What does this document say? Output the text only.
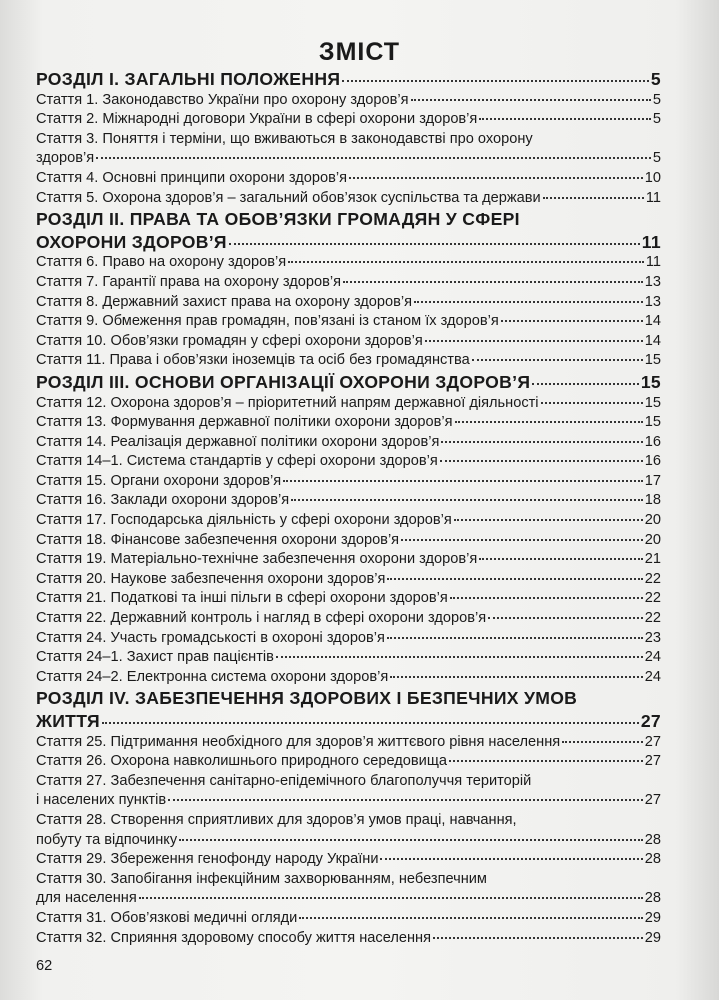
ЗМІСТ
РОЗДІЛ І. ЗАГАЛЬНІ ПОЛОЖЕННЯ	5
Стаття 1. Законодавство України про охорону здоров’я	5
Стаття 2. Міжнародні договори України в сфері охорони здоров’я	5
Стаття 3. Поняття і терміни, що вживаються в законодавстві про охорону
здоров’я	5
Стаття 4. Основні принципи охорони здоров’я	10
Стаття 5. Охорона здоров’я – загальний обов’язок суспільства та держави	11
РОЗДІЛ ІІ. ПРАВА ТА ОБОВ’ЯЗКИ ГРОМАДЯН У СФЕРІ
ОХОРОНИ ЗДОРОВ’Я	11
Стаття 6. Право на охорону здоров’я	11
Стаття 7. Гарантії права на охорону здоров’я	13
Стаття 8. Державний захист права на охорону здоров’я	13
Стаття 9. Обмеження прав громадян, пов’язані із станом їх здоров’я	14
Стаття 10. Обов’язки громадян у сфері охорони здоров’я	14
Стаття 11. Права і обов’язки іноземців та осіб без громадянства	15
РОЗДІЛ ІІІ. ОСНОВИ ОРГАНІЗАЦІЇ ОХОРОНИ ЗДОРОВ’Я	15
Стаття 12. Охорона здоров’я – пріоритетний напрям державної діяльності	15
Стаття 13. Формування державної політики охорони здоров’я	15
Стаття 14. Реалізація державної політики охорони здоров’я	16
Стаття 14–1. Система стандартів у сфері охорони здоров’я	16
Стаття 15. Органи охорони здоров’я	17
Стаття 16. Заклади охорони здоров’я	18
Стаття 17. Господарська діяльність у сфері охорони здоров’я	20
Стаття 18. Фінансове забезпечення охорони здоров’я	20
Стаття 19. Матеріально-технічне забезпечення охорони здоров’я	21
Стаття 20. Наукове забезпечення охорони здоров’я	22
Стаття 21. Податкові та інші пільги в сфері охорони здоров’я	22
Стаття 22. Державний контроль і нагляд в сфері охорони здоров’я	22
Стаття 24. Участь громадськості в охороні здоров’я	23
Стаття 24–1. Захист прав пацієнтів	24
Стаття 24–2. Електронна система охорони здоров’я	24
РОЗДІЛ IV. ЗАБЕЗПЕЧЕННЯ ЗДОРОВИХ І БЕЗПЕЧНИХ УМОВ
ЖИТТЯ	27
Стаття 25. Підтримання необхідного для здоров’я життєвого рівня населення	27
Стаття 26. Охорона навколишнього природного середовища	27
Стаття 27. Забезпечення санітарно-епідемічного благополуччя територій
і населених пунктів	27
Стаття 28. Створення сприятливих для здоров’я умов праці, навчання,
побуту та відпочинку	28
Стаття 29. Збереження генофонду народу України	28
Стаття 30. Запобігання інфекційним захворюванням, небезпечним
для населення	28
Стаття 31. Обов’язкові медичні огляди	29
Стаття 32. Сприяння здоровому способу життя населення	29
62
